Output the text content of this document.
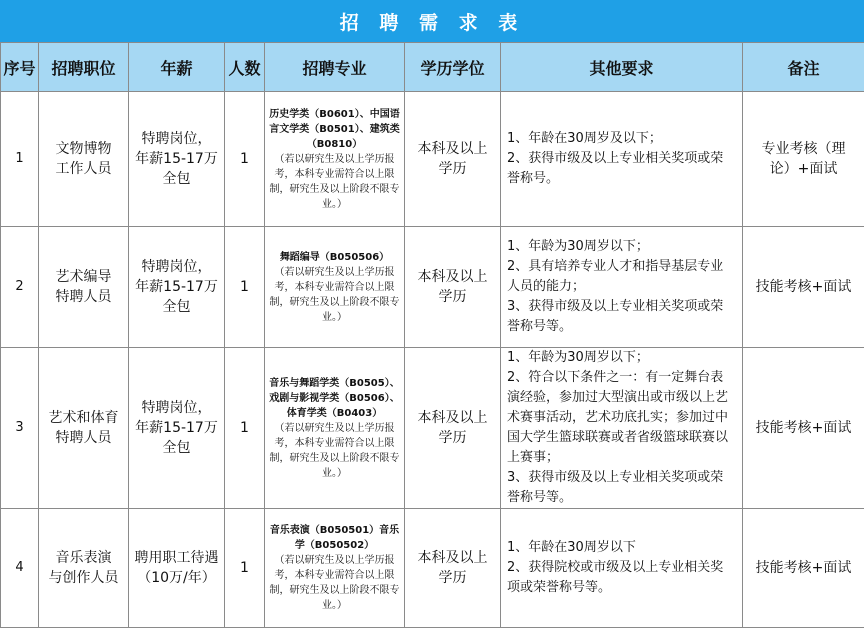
招 聘 需 求 表
序号	招聘职位	年薪	人数	招聘专业	学历学位	其他要求	备注
1	文物博物
工作人员	特聘岗位，
年薪15-17万
全包	1	历史学类（B0601）、中国语言文学类（B0501）、建筑类（B0810）
（若以研究生及以上学历报考，本科专业需符合以上限制，研究生及以上阶段不限专业。）	本科及以上
学历	1、年龄在30周岁及以下；
2、获得市级及以上专业相关奖项或荣誉称号。	专业考核（理
论）+面试
2	艺术编导
特聘人员	特聘岗位，
年薪15-17万
全包	1	舞蹈编导（B050506）
（若以研究生及以上学历报考，本科专业需符合以上限制，研究生及以上阶段不限专业。）	本科及以上
学历	1、年龄为30周岁以下；
2、具有培养专业人才和指导基层专业人员的能力；
3、获得市级及以上专业相关奖项或荣誉称号等。	技能考核+面试
3	艺术和体育
特聘人员	特聘岗位，
年薪15-17万
全包	1	音乐与舞蹈学类（B0505）、戏剧与影视学类（B0506）、体育学类（B0403）
（若以研究生及以上学历报考，本科专业需符合以上限制，研究生及以上阶段不限专业。）	本科及以上
学历	1、年龄为30周岁以下；
2、符合以下条件之一：有一定舞台表演经验，参加过大型演出或市级以上艺术赛事活动，艺术功底扎实；参加过中国大学生篮球联赛或者省级篮球联赛以上赛事；
3、获得市级及以上专业相关奖项或荣誉称号等。	技能考核+面试
4	音乐表演
与创作人员	聘用职工待遇
（10万/年）	1	音乐表演（B050501）音乐学（B050502）
（若以研究生及以上学历报考，本科专业需符合以上限制，研究生及以上阶段不限专业。）	本科及以上
学历	1、年龄在30周岁以下
2、获得院校或市级及以上专业相关奖项或荣誉称号等。	技能考核+面试
